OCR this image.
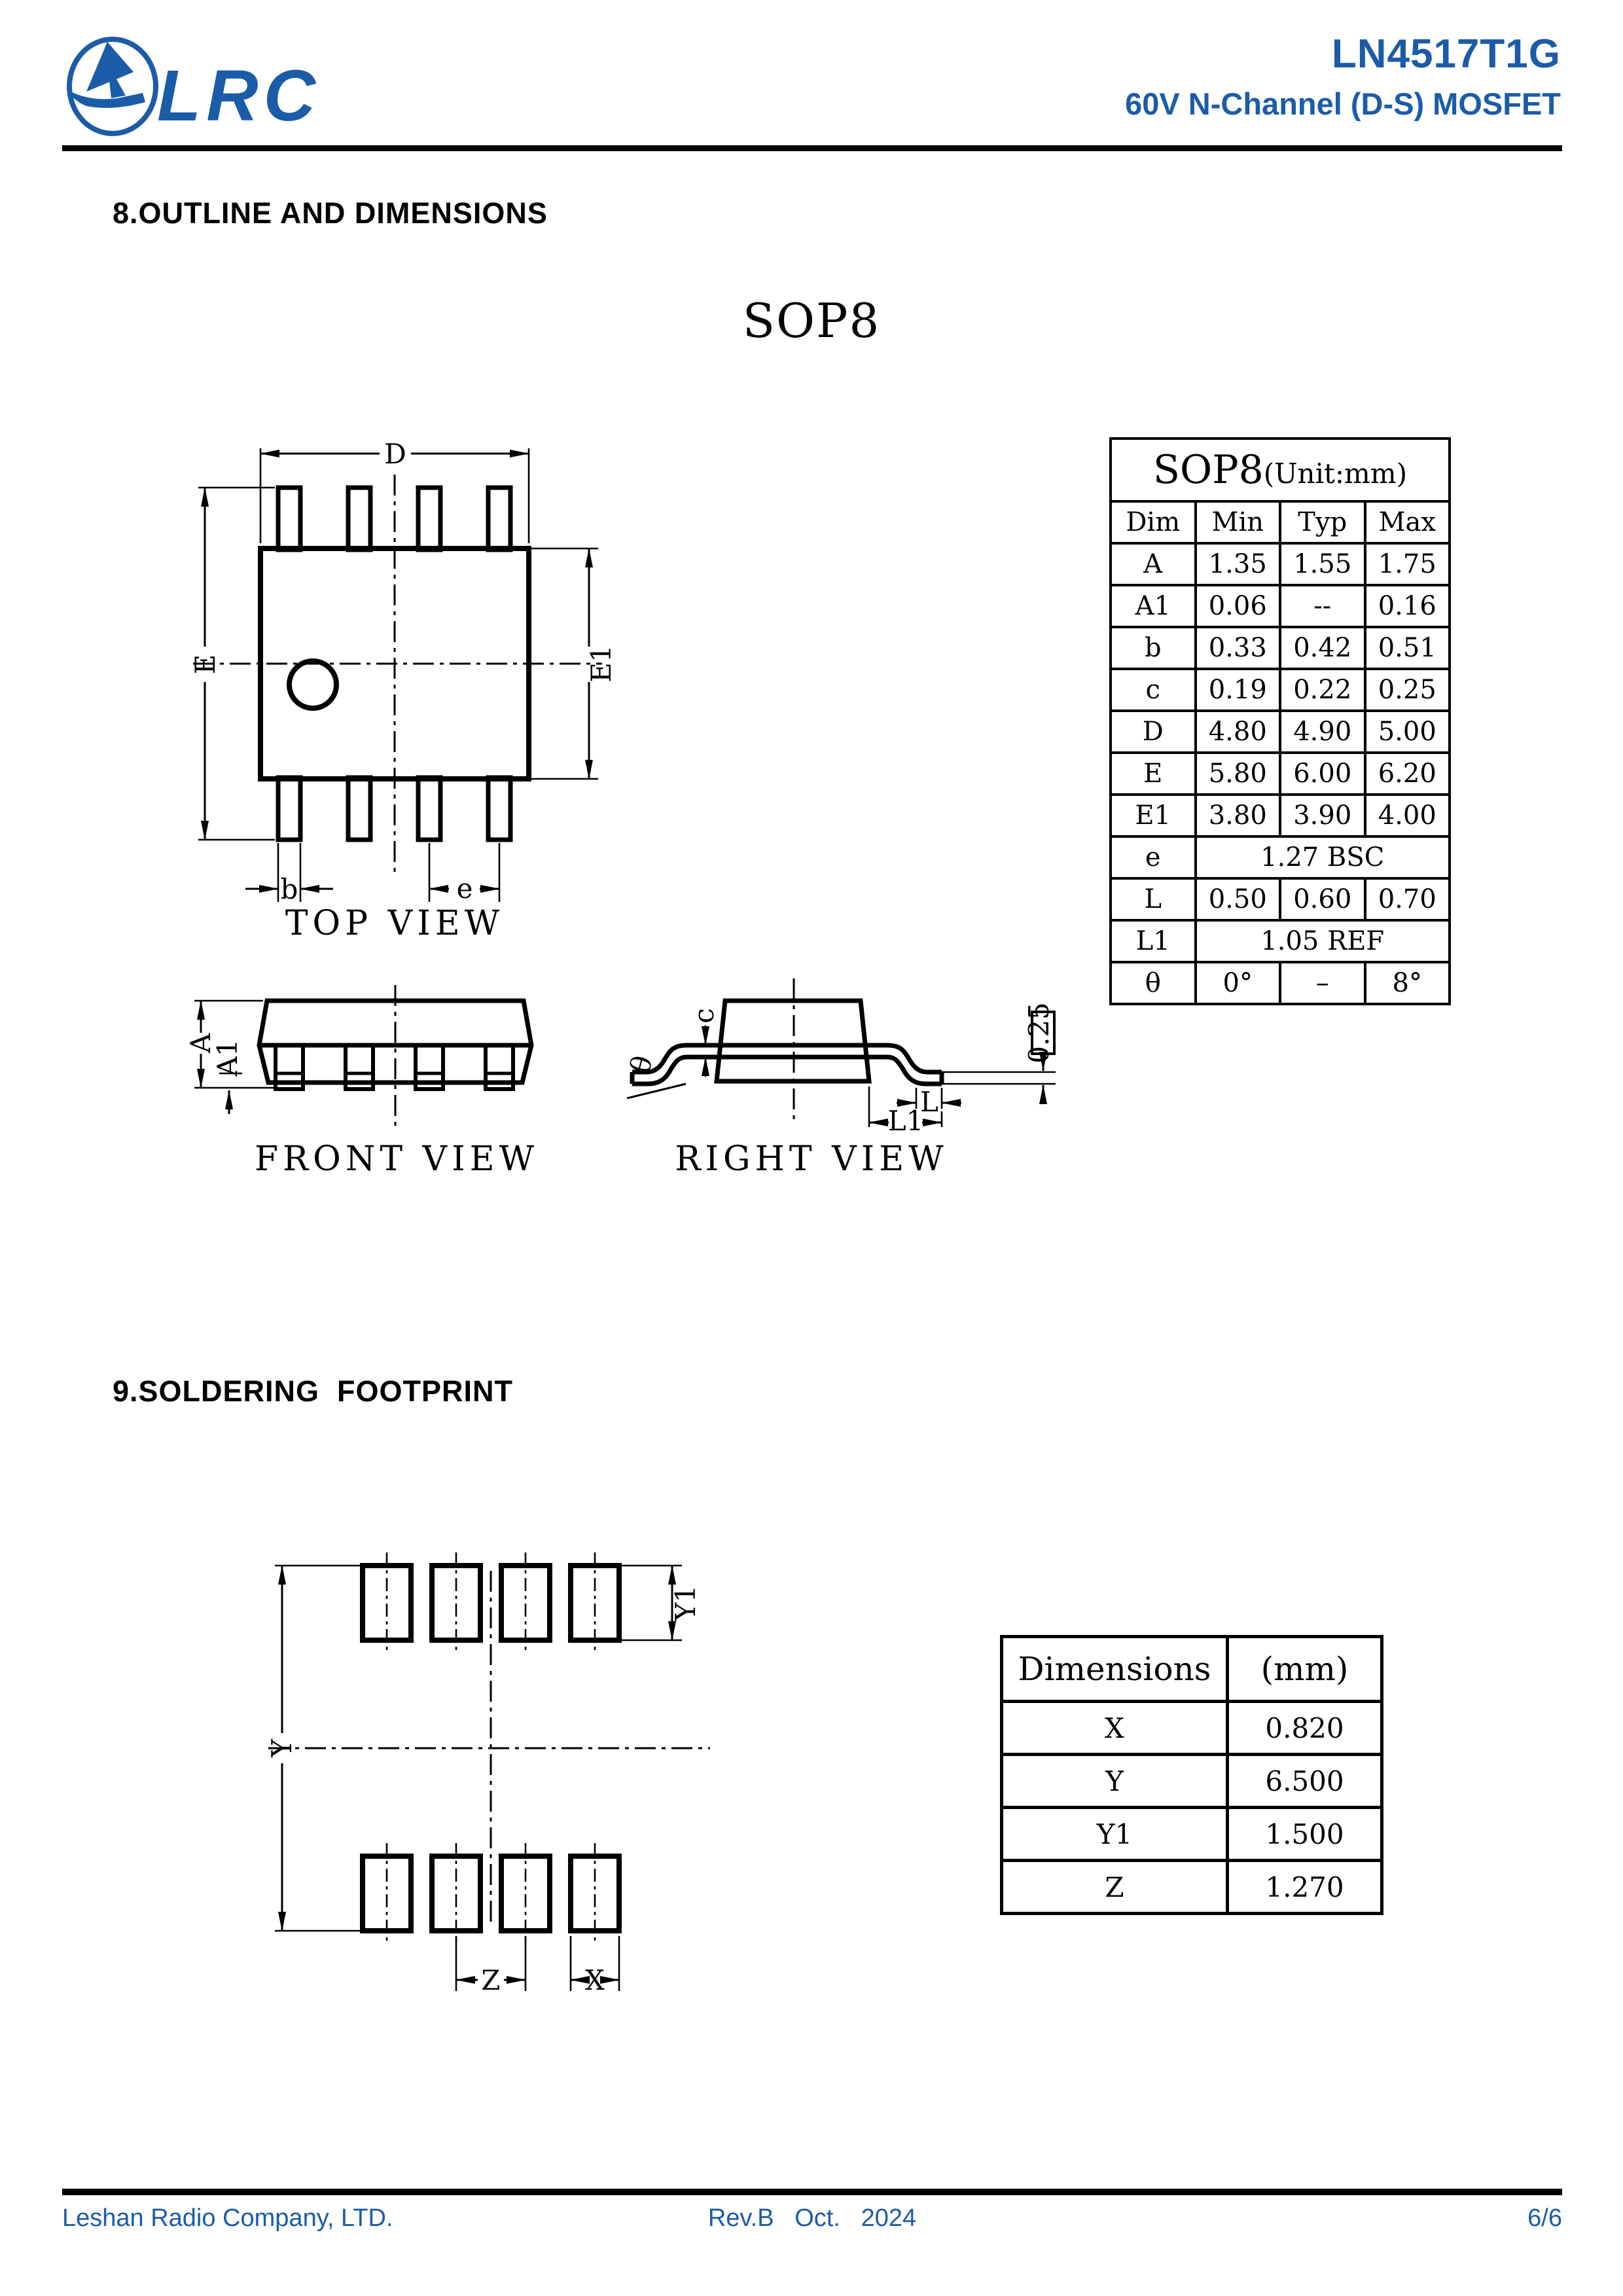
LRC
LN4517T1G
60V N-Channel (D-S) MOSFET
8.OUTLINE AND DIMENSIONS
SOP8
D
E	E1
b	e
TOP VIEW
SOP8(Unit:mm)			
Dim	Min	Typ	Max
A	1.35	1.55	1.75
A1	0.06	--	0.16
b	0.33	0.42	0.51
c	0.19	0.22	0.25
D	4.80	4.90	5.00
E	5.80	6.00	6.20
E1	3.80	3.90	4.00
e	1.27 BSC		
L	0.50	0.60	0.70
L1	1.05 REF		
θ	0°	–	8°
A
A1
FRONT VIEW
c
θ
0.25
L
L1
RIGHT VIEW
9.SOLDERING  FOOTPRINT
Y
Y1
Z	X
Dimensions	(mm)
X	0.820
Y	6.500
Y1	1.500
Z	1.270
Leshan Radio Company, LTD.	Rev.B   Oct.   2024	6/6
